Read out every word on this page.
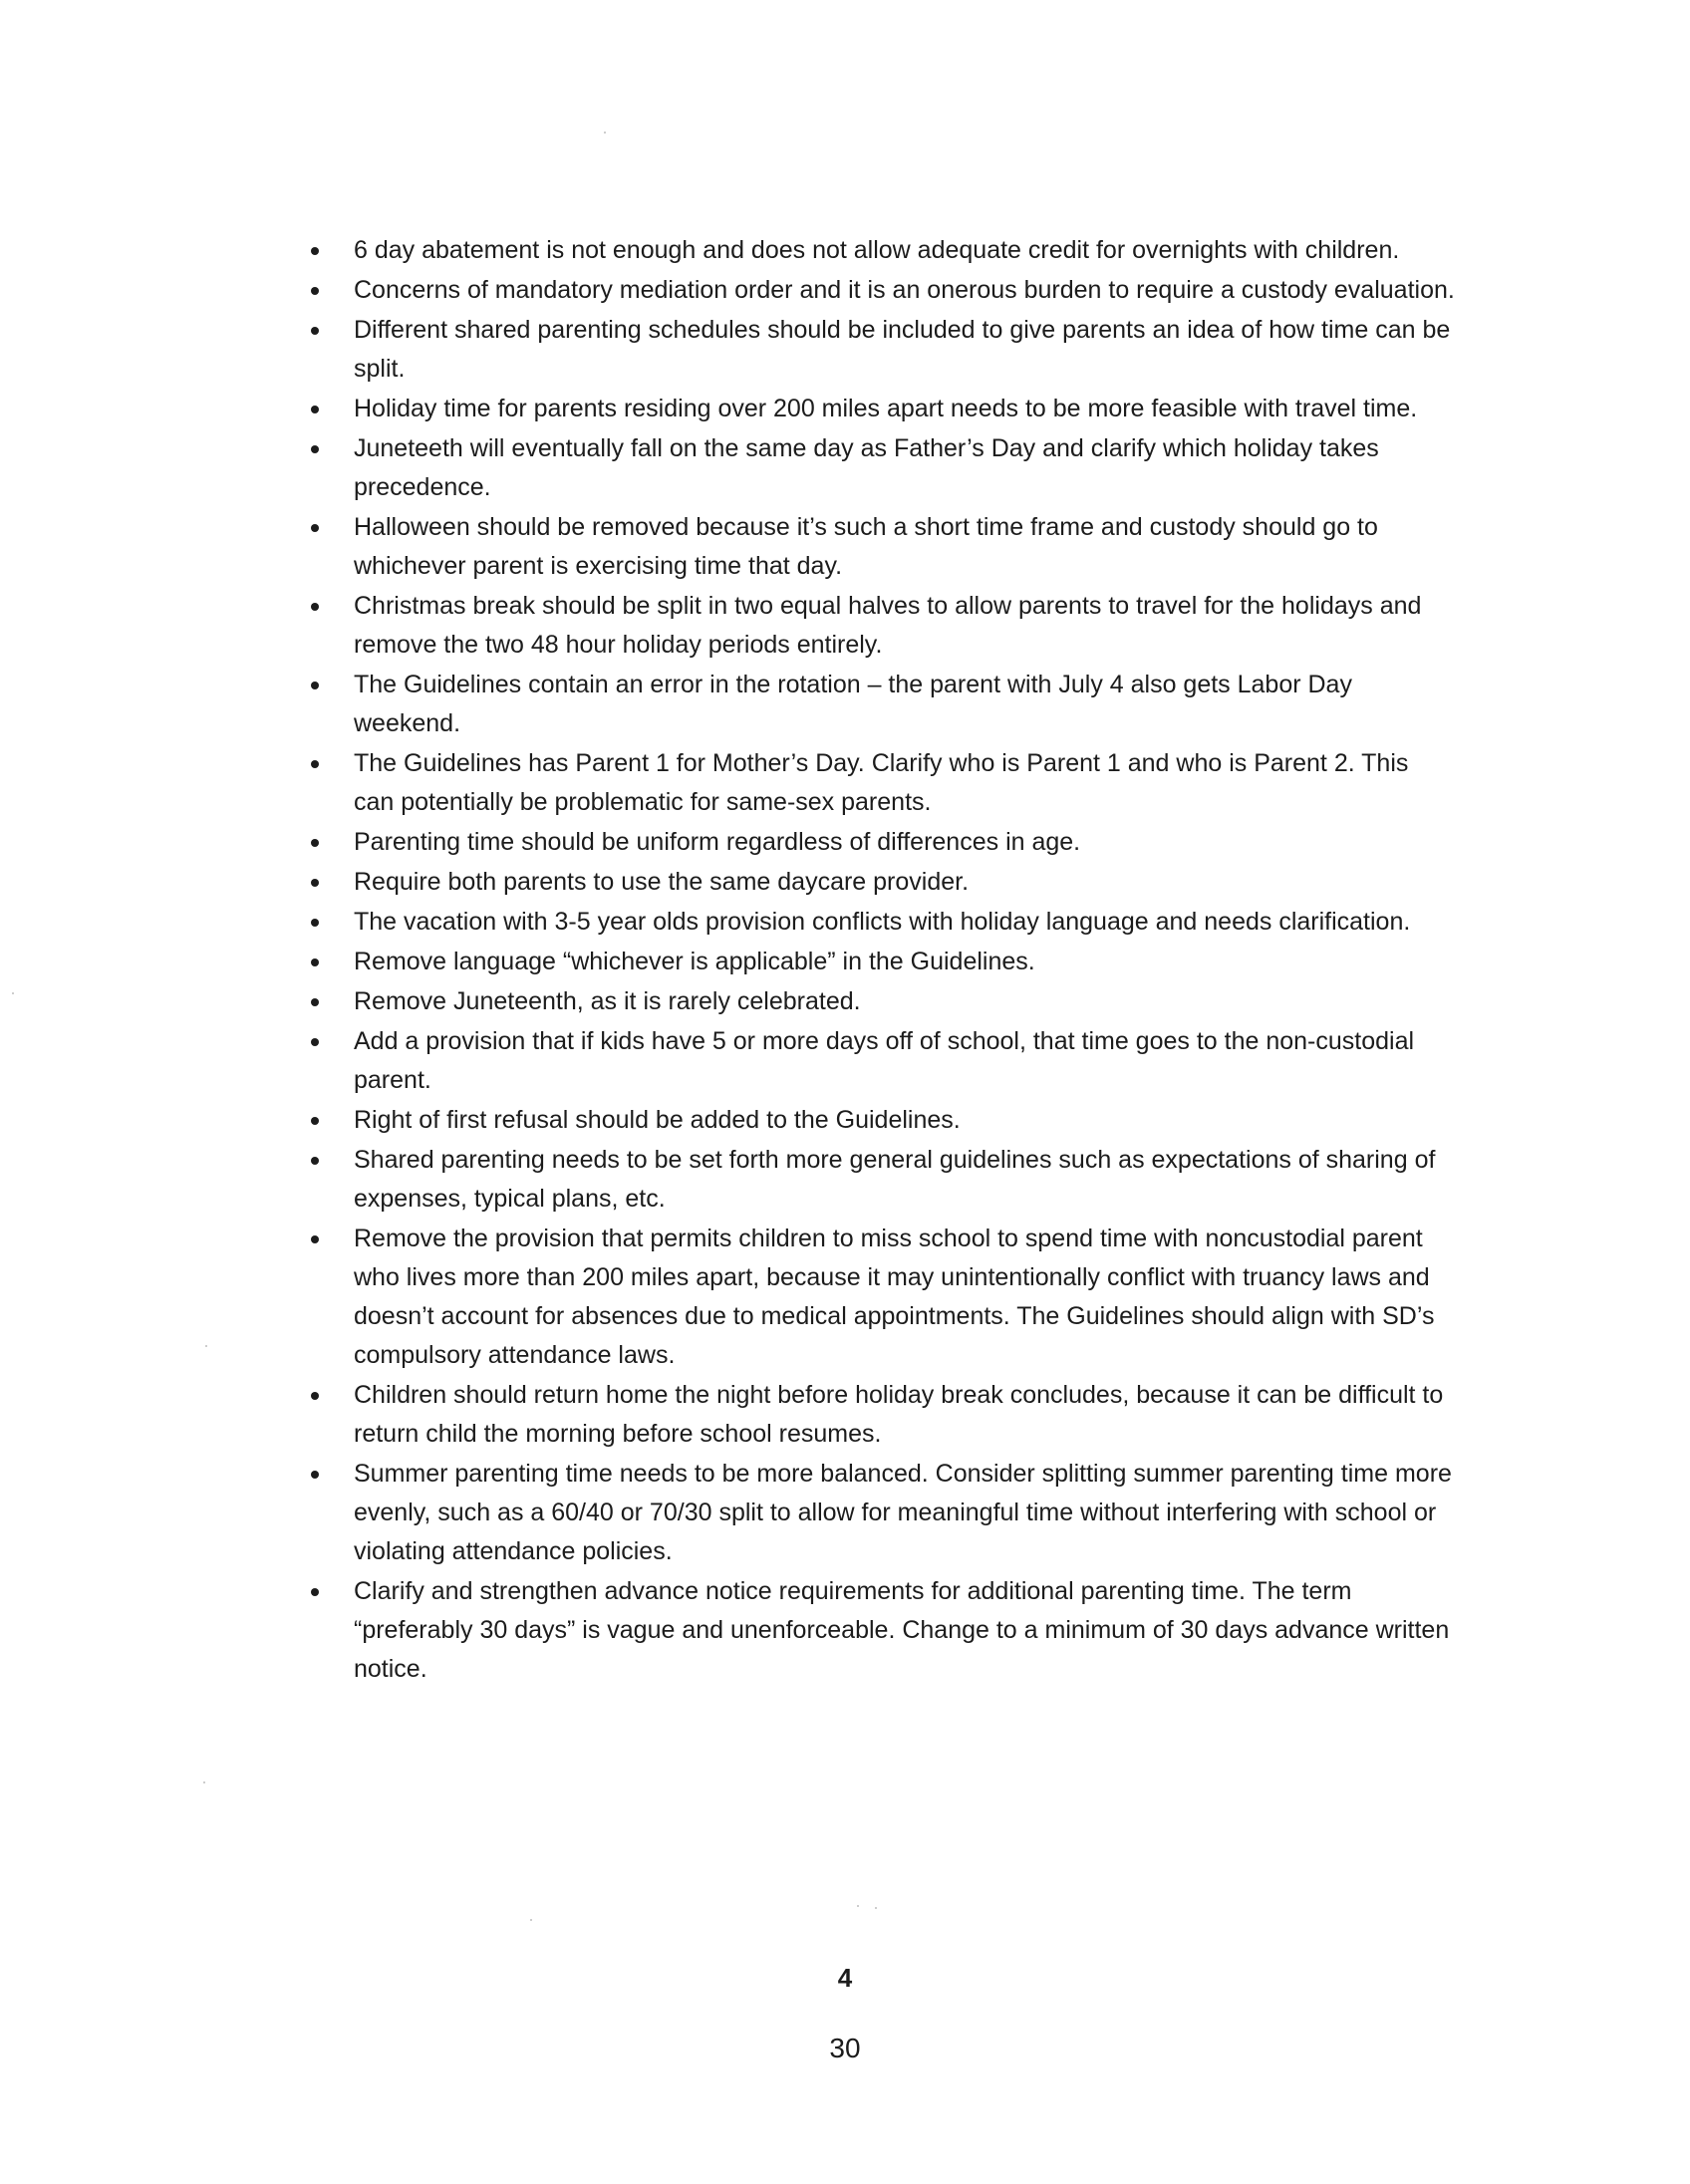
6 day abatement is not enough and does not allow adequate credit for overnights with children.
Concerns of mandatory mediation order and it is an onerous burden to require a custody evaluation.
Different shared parenting schedules should be included to give parents an idea of how time can be split.
Holiday time for parents residing over 200 miles apart needs to be more feasible with travel time.
Juneteeth will eventually fall on the same day as Father’s Day and clarify which holiday takes precedence.
Halloween should be removed because it’s such a short time frame and custody should go to whichever parent is exercising time that day.
Christmas break should be split in two equal halves to allow parents to travel for the holidays and remove the two 48 hour holiday periods entirely.
The Guidelines contain an error in the rotation – the parent with July 4 also gets Labor Day weekend.
The Guidelines has Parent 1 for Mother’s Day. Clarify who is Parent 1 and who is Parent 2. This can potentially be problematic for same-sex parents.
Parenting time should be uniform regardless of differences in age.
Require both parents to use the same daycare provider.
The vacation with 3-5 year olds provision conflicts with holiday language and needs clarification.
Remove language “whichever is applicable” in the Guidelines.
Remove Juneteenth, as it is rarely celebrated.
Add a provision that if kids have 5 or more days off of school, that time goes to the non-custodial parent.
Right of first refusal should be added to the Guidelines.
Shared parenting needs to be set forth more general guidelines such as expectations of sharing of expenses, typical plans, etc.
Remove the provision that permits children to miss school to spend time with noncustodial parent who lives more than 200 miles apart, because it may unintentionally conflict with truancy laws and doesn’t account for absences due to medical appointments. The Guidelines should align with SD’s compulsory attendance laws.
Children should return home the night before holiday break concludes, because it can be difficult to return child the morning before school resumes.
Summer parenting time needs to be more balanced. Consider splitting summer parenting time more evenly, such as a 60/40 or 70/30 split to allow for meaningful time without interfering with school or violating attendance policies.
Clarify and strengthen advance notice requirements for additional parenting time. The term “preferably 30 days” is vague and unenforceable. Change to a minimum of 30 days advance written notice.
4
30
